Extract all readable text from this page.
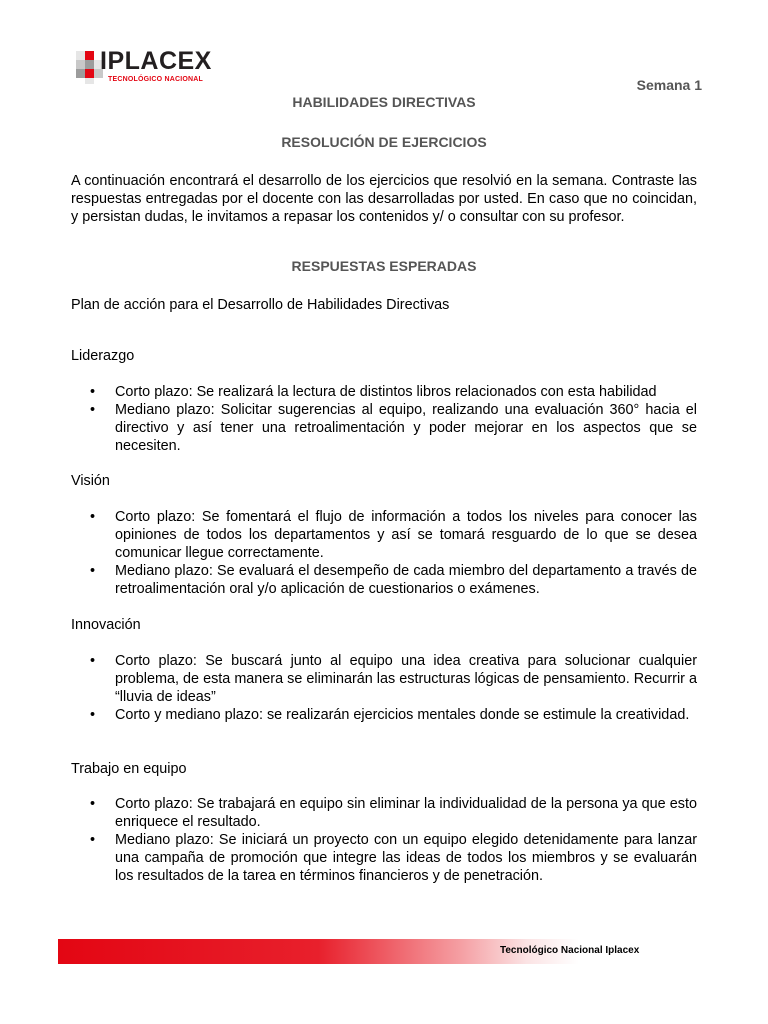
IPLACEX
TECNOLÓGICO NACIONAL	Semana 1
HABILIDADES DIRECTIVAS
RESOLUCIÓN DE EJERCICIOS

A continuación encontrará el desarrollo de los ejercicios que resolvió en la semana. Contraste las respuestas entregadas por el docente con las desarrolladas por usted. En caso que no coincidan, y persistan dudas, le invitamos a repasar los contenidos y/ o consultar con su profesor.

RESPUESTAS ESPERADAS
Plan de acción para el Desarrollo de Habilidades Directivas

Liderazgo

• Corto plazo: Se realizará la lectura de distintos libros relacionados con esta habilidad
• Mediano plazo: Solicitar sugerencias al equipo, realizando una evaluación 360° hacia el directivo y así tener una retroalimentación y poder mejorar en los aspectos que se necesiten.

Visión

• Corto plazo: Se fomentará el flujo de información a todos los niveles para conocer las opiniones de todos los departamentos y así se tomará resguardo de lo que se desea comunicar llegue correctamente.
• Mediano plazo: Se evaluará el desempeño de cada miembro del departamento a través de retroalimentación oral y/o aplicación de cuestionarios o exámenes.

Innovación

• Corto plazo: Se buscará junto al equipo una idea creativa para solucionar cualquier problema, de esta manera se eliminarán las estructuras lógicas de pensamiento. Recurrir a “lluvia de ideas”
• Corto y mediano plazo: se realizarán ejercicios mentales donde se estimule la creatividad.

Trabajo en equipo

• Corto plazo: Se trabajará en equipo sin eliminar la individualidad de la persona ya que esto enriquece el resultado.
• Mediano plazo: Se iniciará un proyecto con un equipo elegido detenidamente para lanzar una campaña de promoción que integre las ideas de todos los miembros y se evaluarán los resultados de la tarea en términos financieros y de penetración.
Tecnológico Nacional Iplacex
